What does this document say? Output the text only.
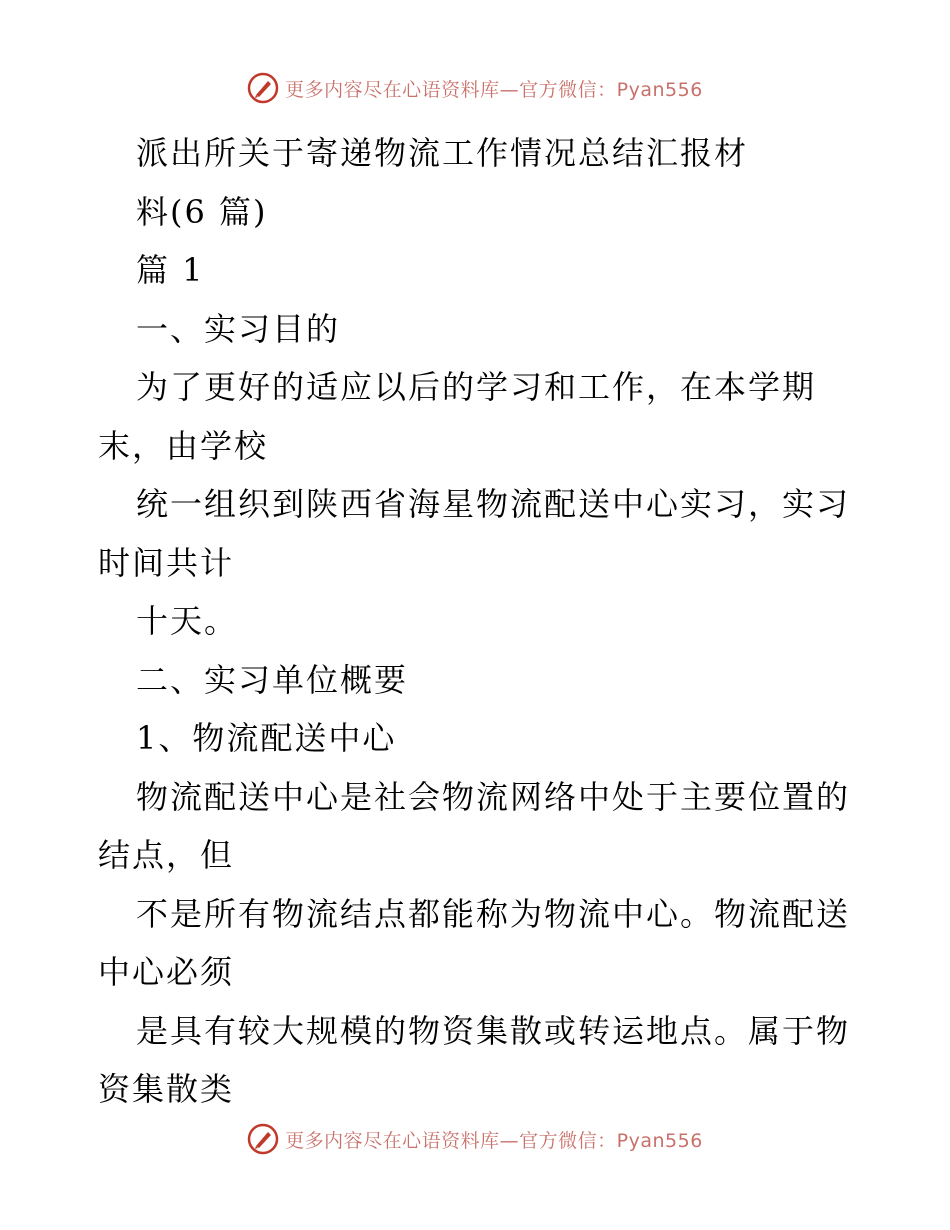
更多内容尽在心语资料库—官方微信：Pyan556

派出所关于寄递物流工作情况总结汇报材

料(6 篇)

篇 1

一、实习目的

为了更好的适应以后的学习和工作，在本学期

末，由学校

统一组织到陕西省海星物流配送中心实习，实习

时间共计

十天。

二、实习单位概要

1、物流配送中心

物流配送中心是社会物流网络中处于主要位置的

结点，但

不是所有物流结点都能称为物流中心。物流配送

中心必须

是具有较大规模的物资集散或转运地点。属于物

资集散类

更多内容尽在心语资料库—官方微信：Pyan556
